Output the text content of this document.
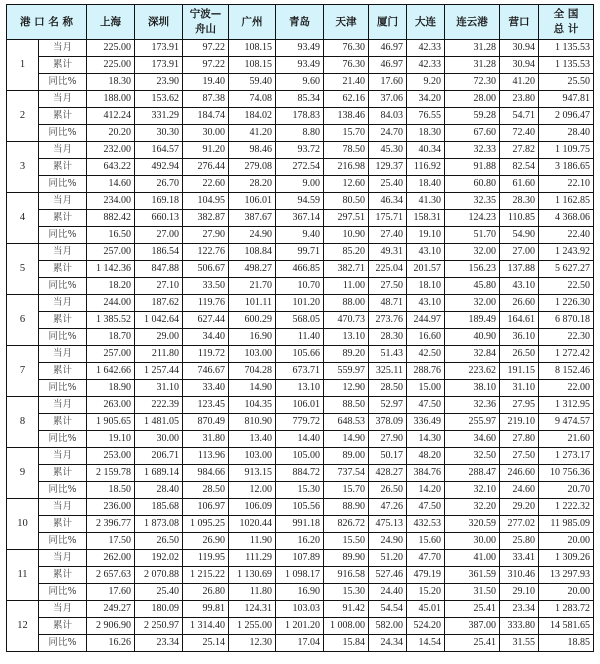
港 口 名 称		上海	深圳	宁波—舟山	广州	青岛	天津	厦门	大连	连云港	营口	全 国
总 计

1	当月	225.00	173.91	97.22	108.15	93.49	76.30	46.97	42.33	31.28	30.94	1 135.53
	累计	225.00	173.91	97.22	108.15	93.49	76.30	46.97	42.33	31.28	30.94	1 135.53
	同比%	18.30	23.90	19.40	59.40	9.60	21.40	17.60	9.20	72.30	41.20	25.50
2	当月	188.00	153.62	87.38	74.08	85.34	62.16	37.06	34.20	28.00	23.80	947.81
	累计	412.24	331.29	184.74	184.02	178.83	138.46	84.03	76.55	59.28	54.71	2 096.47
	同比%	20.20	30.30	30.00	41.20	8.80	15.70	24.70	18.30	67.60	72.40	28.40
3	当月	232.00	164.57	91.20	98.46	93.72	78.50	45.30	40.34	32.33	27.82	1 109.75
	累计	643.22	492.94	276.44	279.08	272.54	216.98	129.37	116.92	91.88	82.54	3 186.65
	同比%	14.60	26.70	22.60	28.20	9.00	12.60	25.40	18.40	60.80	61.60	22.10
4	当月	234.00	169.18	104.95	106.01	94.59	80.50	46.34	41.30	32.35	28.30	1 162.85
	累计	882.42	660.13	382.87	387.67	367.14	297.51	175.71	158.31	124.23	110.85	4 368.06
	同比%	16.50	27.00	27.90	24.90	9.40	10.90	27.40	19.10	51.70	54.90	22.40
5	当月	257.00	186.54	122.76	108.84	99.71	85.20	49.31	43.10	32.00	27.00	1 243.92
	累计	1 142.36	847.88	506.67	498.27	466.85	382.71	225.04	201.57	156.23	137.88	5 627.27
	同比%	18.20	27.10	33.50	21.70	10.70	11.00	27.50	18.10	45.80	43.10	22.50
6	当月	244.00	187.62	119.76	101.11	101.20	88.00	48.71	43.10	32.00	26.60	1 226.30
	累计	1 385.52	1 042.64	627.44	600.29	568.05	470.73	273.76	244.97	189.49	164.61	6 870.18
	同比%	18.70	29.00	34.40	16.90	11.40	13.10	28.30	16.60	40.90	36.10	22.30
7	当月	257.00	211.80	119.72	103.00	105.66	89.20	51.43	42.50	32.84	26.50	1 272.42
	累计	1 642.66	1 257.44	746.67	704.28	673.71	559.97	325.11	288.76	223.62	191.15	8 152.46
	同比%	18.90	31.10	33.40	14.90	13.10	12.90	28.50	15.00	38.10	31.10	22.00
8	当月	263.00	222.39	123.45	104.35	106.01	88.50	52.97	47.50	32.36	27.95	1 312.95
	累计	1 905.65	1 481.05	870.49	810.90	779.72	648.53	378.09	336.49	255.97	219.10	9 474.57
	同比%	19.10	30.00	31.80	13.40	14.40	14.90	27.90	14.30	34.60	27.80	21.60
9	当月	253.00	206.71	113.96	103.00	105.00	89.00	50.17	48.20	32.50	27.50	1 273.17
	累计	2 159.78	1 689.14	984.66	913.15	884.72	737.54	428.27	384.76	288.47	246.60	10 756.36
	同比%	18.50	28.40	28.50	12.00	15.30	15.70	26.50	14.20	32.10	24.60	20.70
10	当月	236.00	185.68	106.97	106.09	105.56	88.90	47.26	47.50	32.20	29.20	1 222.32
	累计	2 396.77	1 873.08	1 095.25	1020.44	991.18	826.72	475.13	432.53	320.59	277.02	11 985.09
	同比%	17.50	26.50	26.90	11.90	16.20	15.50	24.90	15.60	30.00	25.80	20.00
11	当月	262.00	192.02	119.95	111.29	107.89	89.90	51.20	47.70	41.00	33.41	1 309.26
	累计	2 657.63	2 070.88	1 215.22	1 130.69	1 098.17	916.58	527.46	479.19	361.59	310.46	13 297.93
	同比%	17.60	25.40	26.80	11.80	16.90	15.30	24.40	15.20	31.50	29.10	20.00
12	当月	249.27	180.09	99.81	124.31	103.03	91.42	54.54	45.01	25.41	23.34	1 283.72
	累计	2 906.90	2 250.97	1 314.40	1 255.00	1 201.20	1 008.00	582.00	524.20	387.00	333.80	14 581.65
	同比%	16.26	23.34	25.14	12.30	17.04	15.84	24.34	14.54	25.41	31.55	18.85
